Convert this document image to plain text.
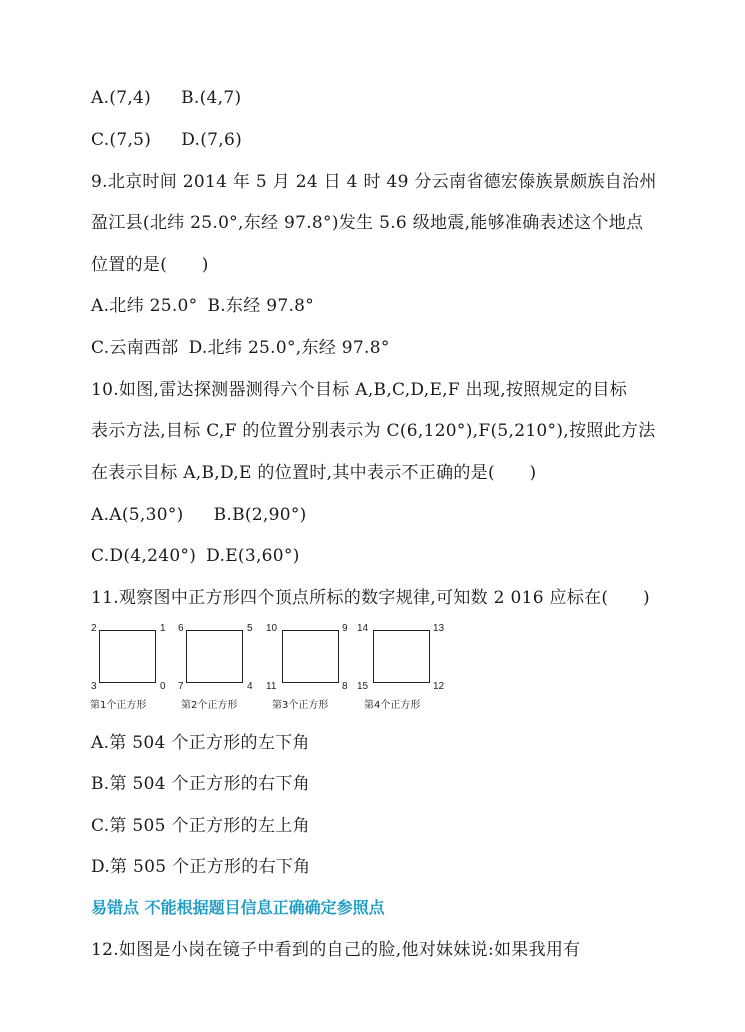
A.(7,4) B.(4,7)
C.(7,5) D.(7,6)
9.北京时间 2014 年 5 月 24 日 4 时 49 分云南省德宏傣族景颇族自治州
盈江县(北纬 25.0°,东经 97.8°)发生 5.6 级地震,能够准确表述这个地点
位置的是(　　)
A.北纬 25.0° B.东经 97.8°
C.云南西部 D.北纬 25.0°,东经 97.8°
10.如图,雷达探测器测得六个目标 A,B,C,D,E,F 出现,按照规定的目标
表示方法,目标 C,F 的位置分别表示为 C(6,120°),F(5,210°),按照此方法
在表示目标 A,B,D,E 的位置时,其中表示不正确的是(　　)
A.A(5,30°) B.B(2,90°)
C.D(4,240°) D.E(3,60°)
11.观察图中正方形四个顶点所标的数字规律,可知数 2 016 应标在(　　)
2	1
3	0
第1个正方形
6	5
7	4
第2个正方形
10	9
11	8
第3个正方形
14	13
15	12
第4个正方形
A.第 504 个正方形的左下角
B.第 504 个正方形的右下角
C.第 505 个正方形的左上角
D.第 505 个正方形的右下角
易错点 不能根据题目信息正确确定参照点
12.如图是小岗在镜子中看到的自己的脸,他对妹妹说:如果我用有
